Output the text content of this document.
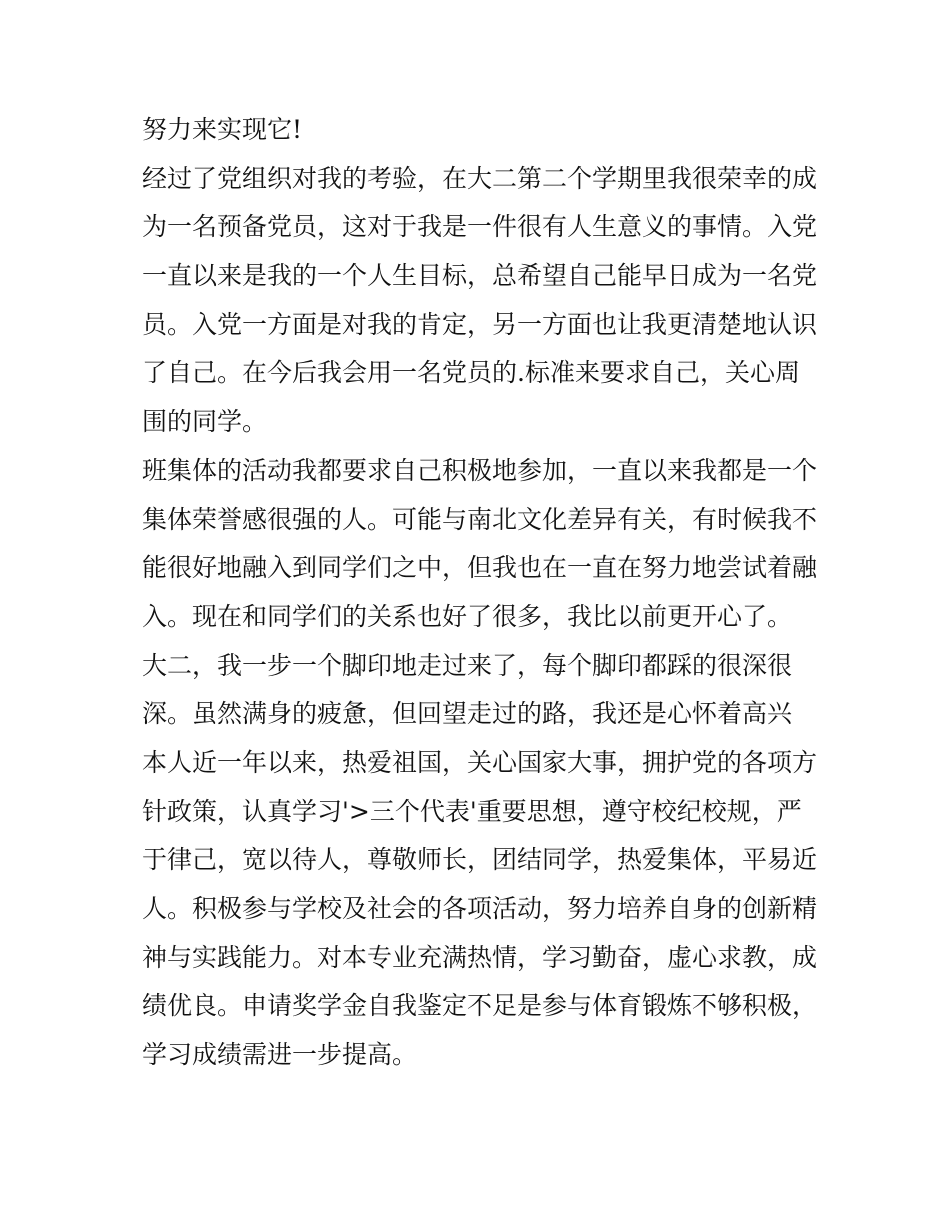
努力来实现它!
经过了党组织对我的考验，在大二第二个学期里我很荣幸的成
为一名预备党员，这对于我是一件很有人生意义的事情。入党
一直以来是我的一个人生目标，总希望自己能早日成为一名党
员。入党一方面是对我的肯定，另一方面也让我更清楚地认识
了自己。在今后我会用一名党员的.标准来要求自己，关心周
围的同学。
班集体的活动我都要求自己积极地参加，一直以来我都是一个
集体荣誉感很强的人。可能与南北文化差异有关，有时候我不
能很好地融入到同学们之中，但我也在一直在努力地尝试着融
入。现在和同学们的关系也好了很多，我比以前更开心了。
大二，我一步一个脚印地走过来了，每个脚印都踩的很深很
深。虽然满身的疲惫，但回望走过的路，我还是心怀着高兴
本人近一年以来，热爱祖国，关心国家大事，拥护党的各项方
针政策，认真学习'>三个代表'重要思想，遵守校纪校规，严
于律己，宽以待人，尊敬师长，团结同学，热爱集体，平易近
人。积极参与学校及社会的各项活动，努力培养自身的创新精
神与实践能力。对本专业充满热情，学习勤奋，虚心求教，成
绩优良。申请奖学金自我鉴定不足是参与体育锻炼不够积极，
学习成绩需进一步提高。
